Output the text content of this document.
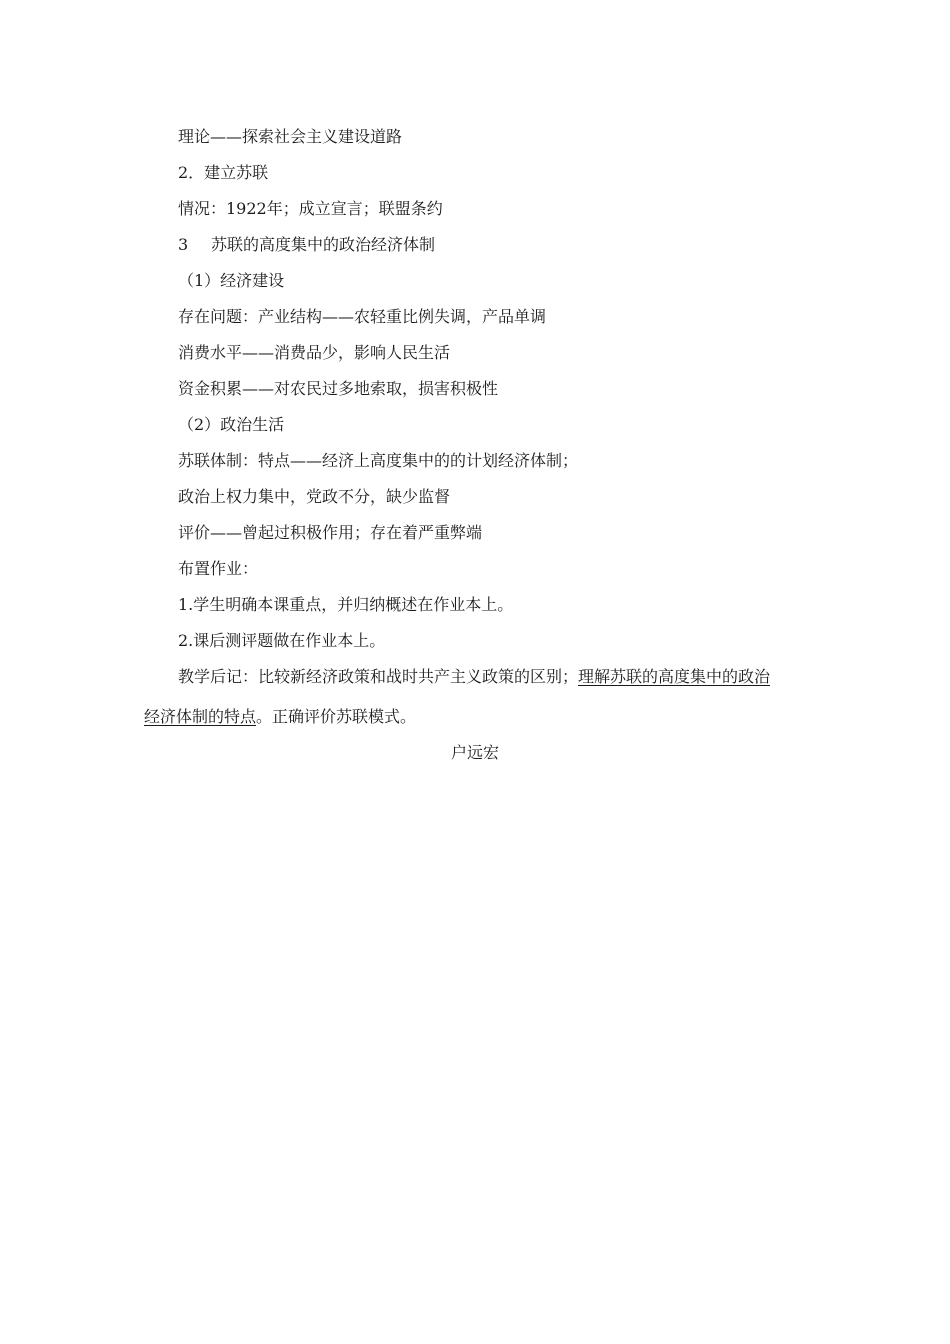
理论——探索社会主义建设道路
2．建立苏联
情况：1922年；成立宣言；联盟条约
3 苏联的高度集中的政治经济体制
（1）经济建设
存在问题：产业结构——农轻重比例失调，产品单调
消费水平——消费品少，影响人民生活
资金积累——对农民过多地索取，损害积极性
（2）政治生活
苏联体制：特点——经济上高度集中的的计划经济体制；
政治上权力集中，党政不分，缺少监督
评价——曾起过积极作用；存在着严重弊端
布置作业：
1.学生明确本课重点，并归纳概述在作业本上。
2.课后测评题做在作业本上。
教学后记：比较新经济政策和战时共产主义政策的区别；理解苏联的高度集中的政治
经济体制的特点。正确评价苏联模式。
户远宏
